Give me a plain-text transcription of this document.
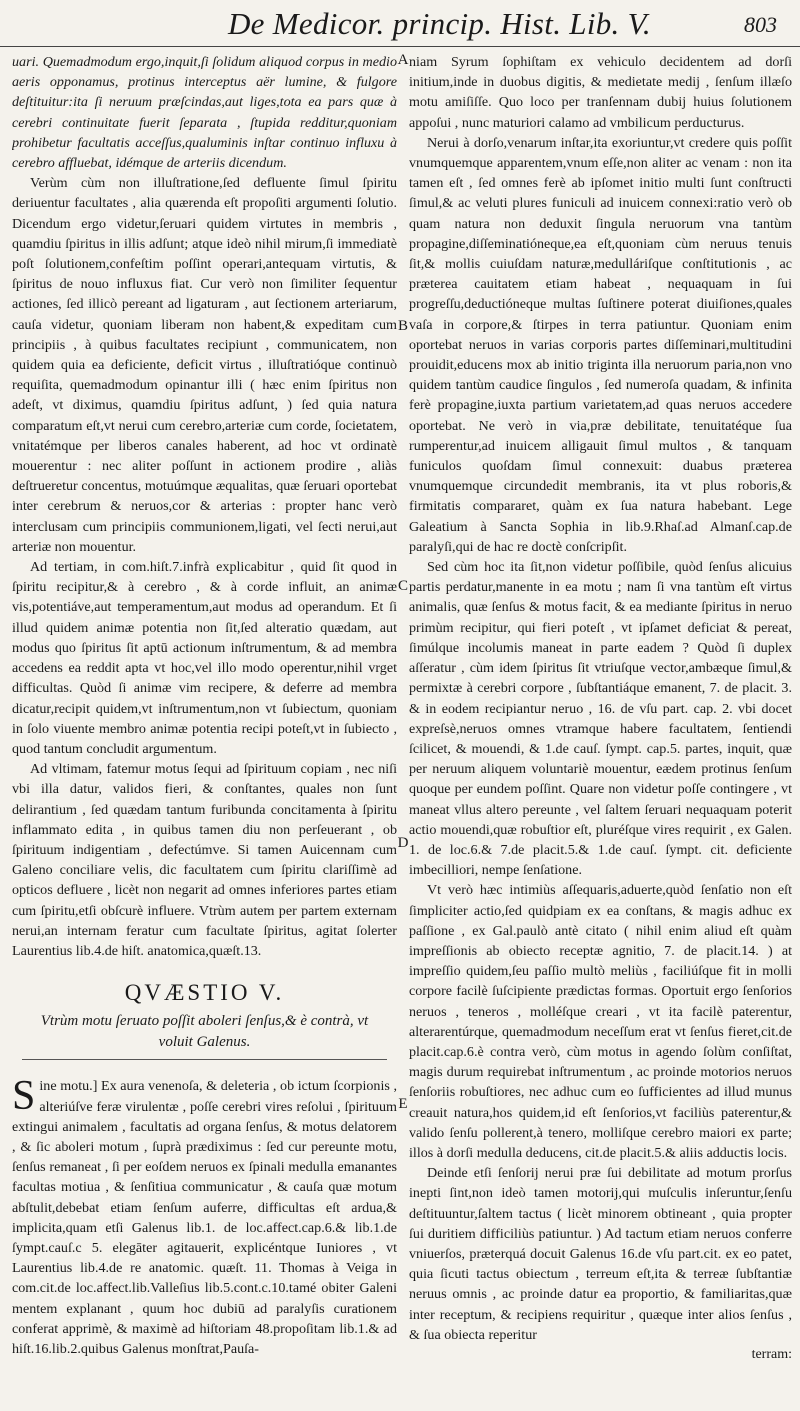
De Medicor. princip. Hist. Lib. V.	803
A
B
C
D
E

uari. Quemadmodum ergo,inquit,ſi ſolidum aliquod corpus in medio aeris opponamus, protinus interceptus aër lumine, & fulgore deſtituitur:ita ſi neruum præſcindas,aut liges,tota ea pars quæ à cerebri continuitate fuerit ſeparata , ſtupida redditur,quoniam prohibetur facultatis acceſſus,qualuminis inſtar continuo influxu à cerebro affluebat, idémque de arteriis dicendum.

Verùm cùm non illuſtratione,ſed defluente ſimul ſpiritu deriuentur facultates , alia quærenda eſt propoſiti argumenti ſolutio. Dicendum ergo videtur,ſeruari quidem virtutes in membris , quamdiu ſpiritus in illis adſunt; atque ideò nihil mirum,ſi immediatè poſt ſolutionem,confeſtim poſſint operari,antequam virtutis, & ſpiritus de nouo influxus fiat. Cur verò non ſimiliter ſequentur actiones, ſed illicò pereant ad ligaturam , aut ſectionem arteriarum, cauſa videtur, quoniam liberam non habent,& expeditam cum principiis , à quibus facultates recipiunt , communicatem, non quidem quia ea deficiente, deficit virtus , illuſtratióque continuò requiſita, quemadmodum opinantur illi ( hæc enim ſpiritus non adeſt, vt diximus, quamdiu ſpiritus adſunt, ) ſed quia natura comparatum eſt,vt nerui cum cerebro,arteriæ cum corde, ſocietatem, vnitatémque per liberos canales haberent, ad hoc vt ordinatè mouerentur : nec aliter poſſunt in actionem prodire , aliàs deſtrueretur concentus, motuúmque æqualitas, quæ ſeruari oportebat inter cerebrum & neruos,cor & arterias : propter hanc verò interclusam cum principiis communionem,ligati, vel ſecti nerui,aut arteriæ non mouentur.

Ad tertiam, in com.hiſt.7.infrà explicabitur , quid ſit quod in ſpiritu recipitur,& à cerebro , & à corde influit, an animæ vis,potentiáve,aut temperamentum,aut modus ad operandum. Et ſi illud quidem animæ potentia non ſit,ſed alteratio quædam, aut modus quo ſpiritus ſit aptū actionum inſtrumentum, & ad membra accedens ea reddit apta vt hoc,vel illo modo operentur,nihil vrget difficultas. Quòd ſi animæ vim recipere, & deferre ad membra dicatur,recipit quidem,vt inſtrumentum,non vt ſubiectum, quoniam in ſolo viuente membro animæ potentia recipi poteſt,vt in ſubiecto , quod tantum concludit argumentum.

Ad vltimam, fatemur motus ſequi ad ſpirituum copiam , nec niſi vbi illa datur, validos fieri, & conſtantes, quales non ſunt delirantium , ſed quædam tantum furibunda concitamenta à ſpiritu inflammato edita , in quibus tamen diu non perſeuerant , ob ſpirituum indigentiam , defectúmve. Si tamen Auicennam cum Galeno conciliare velis, dic facultatem cum ſpiritu clariſſimè ad opticos defluere , licèt non negarit ad omnes inferiores partes etiam cum ſpiritu,etſi obſcurè influere. Vtrùm autem per partem externam nerui,an internam feratur cum facultate ſpiritus, agitat ſolerter Laurentius lib.4.de hiſt. anatomica,quæſt.13.

QVÆSTIO V.
Vtrùm motu ſeruato poſſit aboleri ſenſus,& è contrà, vt voluit Galenus.

Sine motu.] Ex aura venenoſa, & deleteria , ob ictum ſcorpionis , alteriúſve feræ virulentæ , poſſe cerebri vires reſolui , ſpirituum extingui animalem , facultatis ad organa ſenſus, & motus delatorem , & ſic aboleri motum , ſuprà prædiximus : ſed cur pereunte motu, ſenſus remaneat , ſi per eoſdem neruos ex ſpinali medulla emanantes facultas motiua , & ſenſitiua communicatur , & cauſa quæ motum abſtulit,debebat etiam ſenſum auferre, difficultas eſt ardua,& implicita,quam etſi Galenus lib.1. de loc.affect.cap.6.& lib.1.de ſympt.cauſ.c 5. elegāter agitauerit, explicéntque Iuniores , vt Laurentius lib.4.de re anatomic. quæſt. 11. Thomas à Veiga in com.cit.de loc.affect.lib.Valleſius lib.5.cont.c.10.tamé obiter Galeni mentem explanant , quum hoc dubiū ad paralyſis curationem conferat apprimè, & maximè ad hiſtoriam 48.propoſitam lib.1.& ad hiſt.16.lib.2.quibus Galenus monſtrat,Pauſa-

niam Syrum ſophiſtam ex vehiculo decidentem ad dorſi initium,inde in duobus digitis, & medietate medij , ſenſum illæſo motu amiſiſſe. Quo loco per tranſennam dubij huius ſolutionem appoſui , nunc maturiori calamo ad vmbilicum perducturus.

Nerui à dorſo,venarum inſtar,ita exoriuntur,vt credere quis poſſit vnumquemque apparentem,vnum eſſe,non aliter ac venam : non ita tamen eſt , ſed omnes ferè ab ipſomet initio multi ſunt conſtructi ſimul,& ac veluti plures funiculi ad inuicem connexi:ratio verò ob quam natura non deduxit ſingula neruorum vna tantùm propagine,diſſeminatióneque,ea eſt,quoniam cùm neruus tenuis ſit,& mollis cuiuſdam naturæ,medulláriſque conſtitutionis , ac præterea cauitatem etiam habeat , nequaquam in ſui progreſſu,deductióneque multas ſuſtinere poterat diuiſiones,quales vaſa in corpore,& ſtirpes in terra patiuntur. Quoniam enim oportebat neruos in varias corporis partes diſſeminari,multitudini prouidit,educens mox ab initio triginta illa neruorum paria,non vno quidem tantùm caudice ſingulos , ſed numeroſa quadam, & infinita ferè propagine,iuxta partium varietatem,ad quas neruos accedere oportebat. Ne verò in via,præ debilitate, tenuitatéque ſua rumperentur,ad inuicem alligauit ſimul multos , & tanquam funiculos quoſdam ſimul connexuit: duabus præterea vnumquemque circundedit membranis, ita vt plus roboris,& firmitatis compararet, quàm ex ſua natura habebant. Lege Galeatium à Sancta Sophia in lib.9.Rhaſ.ad Almanſ.cap.de paralyſi,qui de hac re doctè conſcripſit.

Sed cùm hoc ita ſit,non videtur poſſibile, quòd ſenſus alicuius partis perdatur,manente in ea motu ; nam ſi vna tantùm eſt virtus animalis, quæ ſenſus & motus facit, & ea mediante ſpiritus in neruo primùm recipitur, qui fieri poteſt , vt ipſamet deficiat & pereat, ſimúlque incolumis maneat in parte eadem ? Quòd ſi duplex aſſeratur , cùm idem ſpiritus ſit vtriuſque vector,ambæque ſimul,& permixtæ à cerebri corpore , ſubſtantiáque emanent, 7. de placit. 3. & in eodem recipiantur neruo , 16. de vſu part. cap. 2. vbi docet expreſsè,neruos omnes vtramque habere facultatem, ſentiendi ſcilicet, & mouendi, & 1.de cauſ. ſympt. cap.5. partes, inquit, quæ per neruum aliquem voluntariè mouentur, eædem protinus ſenſum quoque per eundem poſſint. Quare non videtur poſſe contingere , vt maneat vllus altero pereunte , vel ſaltem ſeruari nequaquam poterit actio mouendi,quæ robuſtior eſt, pluréſque vires requirit , ex Galen. 1. de loc.6.& 7.de placit.5.& 1.de cauſ. ſympt. cit. deficiente imbecilliori, nempe ſenſatione.

Vt verò hæc intimiùs aſſequaris,aduerte,quòd ſenſatio non eſt ſimpliciter actio,ſed quidpiam ex ea conſtans, & magis adhuc ex paſſione , ex Gal.paulò antè citato ( nihil enim aliud eſt quàm impreſſionis ab obiecto receptæ agnitio, 7. de placit.14. ) at impreſſio quidem,ſeu paſſio multò meliùs , faciliúſque fit in molli corpore facilè ſuſcipiente prædictas formas. Oportuit ergo ſenſorios neruos , teneros , molléſque creari , vt ita facilè paterentur, alterarentúrque, quemadmodum neceſſum erat vt ſenſus fieret,cit.de placit.cap.6.è contra verò, cùm motus in agendo ſolùm conſiſtat, magis durum requirebat inſtrumentum , ac proinde motorios neruos ſenſoriis robuſtiores, nec adhuc cum eo ſufficientes ad illud munus creauit natura,hos quidem,id eſt ſenſorios,vt faciliùs paterentur,& valido ſenſu pollerent,à tenero, molliſque cerebro maiori ex parte; illos à dorſi medulla deducens, cit.de placit.5.& aliis adductis locis.

Deinde etſi ſenſorij nerui præ ſui debilitate ad motum prorſus inepti ſint,non ideò tamen motorij,qui muſculis inſeruntur,ſenſu deſtituuntur,ſaltem tactus ( licèt minorem obtineant , quia propter ſui duritiem difficiliùs patiuntur. ) Ad tactum etiam neruos conferre vniuerſos, præterquá docuit Galenus 16.de vſu part.cit. ex eo patet, quia ſicuti tactus obiectum , terreum eſt,ita & terreæ ſubſtantiæ neruus omnis , ac proinde datur ea proportio, & familiaritas,quæ inter receptum, & recipiens requiritur , quæque inter alios ſenſus , & ſua obiecta reperitur

terram:
